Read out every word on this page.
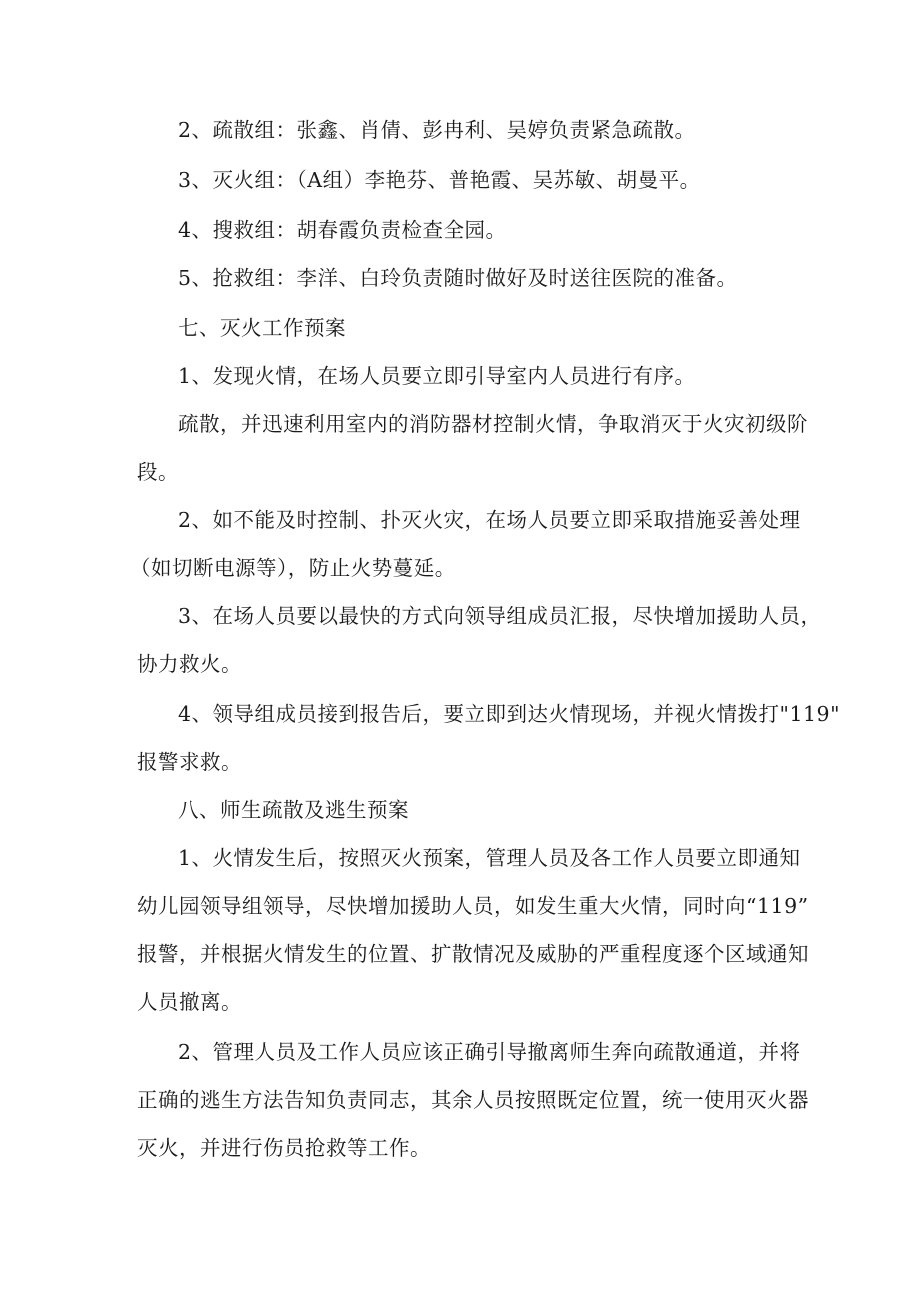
2、疏散组：张鑫、肖倩、彭冉利、吴婷负责紧急疏散。
3、灭火组：（A组）李艳芬、普艳霞、吴苏敏、胡曼平。
4、搜救组：胡春霞负责检查全园。
5、抢救组：李洋、白玲负责随时做好及时送往医院的准备。
七、灭火工作预案
1、发现火情，在场人员要立即引导室内人员进行有序。
疏散，并迅速利用室内的消防器材控制火情，争取消灭于火灾初级阶
段。
2、如不能及时控制、扑灭火灾，在场人员要立即采取措施妥善处理
（如切断电源等），防止火势蔓延。
3、在场人员要以最快的方式向领导组成员汇报，尽快增加援助人员，
协力救火。
4、领导组成员接到报告后，要立即到达火情现场，并视火情拨打"119"
报警求救。
八、师生疏散及逃生预案
1、火情发生后，按照灭火预案，管理人员及各工作人员要立即通知
幼儿园领导组领导，尽快增加援助人员，如发生重大火情，同时向“119”
报警，并根据火情发生的位置、扩散情况及威胁的严重程度逐个区域通知
人员撤离。
2、管理人员及工作人员应该正确引导撤离师生奔向疏散通道，并将
正确的逃生方法告知负责同志，其余人员按照既定位置，统一使用灭火器
灭火，并进行伤员抢救等工作。
